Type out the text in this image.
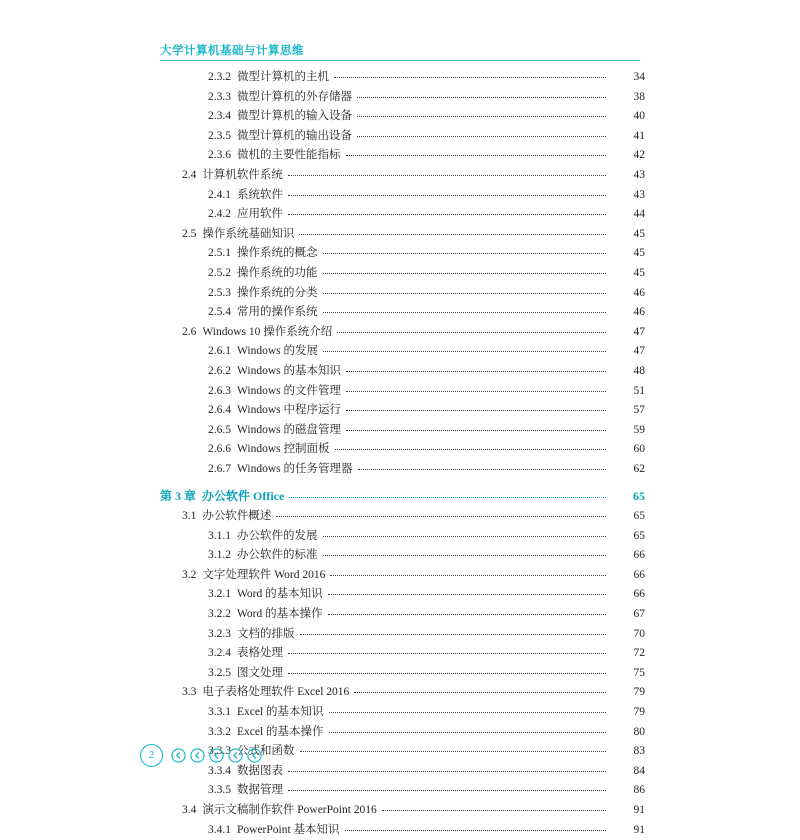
大学计算机基础与计算思维
2.3.2 微型计算机的主机	34
2.3.3 微型计算机的外存储器	38
2.3.4 微型计算机的输入设备	40
2.3.5 微型计算机的输出设备	41
2.3.6 微机的主要性能指标	42
2.4 计算机软件系统	43
2.4.1 系统软件	43
2.4.2 应用软件	44
2.5 操作系统基础知识	45
2.5.1 操作系统的概念	45
2.5.2 操作系统的功能	45
2.5.3 操作系统的分类	46
2.5.4 常用的操作系统	46
2.6 Windows 10 操作系统介绍	47
2.6.1 Windows 的发展	47
2.6.2 Windows 的基本知识	48
2.6.3 Windows 的文件管理	51
2.6.4 Windows 中程序运行	57
2.6.5 Windows 的磁盘管理	59
2.6.6 Windows 控制面板	60
2.6.7 Windows 的任务管理器	62
第 3 章 办公软件 Office	65
3.1 办公软件概述	65
3.1.1 办公软件的发展	65
3.1.2 办公软件的标准	66
3.2 文字处理软件 Word 2016	66
3.2.1 Word 的基本知识	66
3.2.2 Word 的基本操作	67
3.2.3 文档的排版	70
3.2.4 表格处理	72
3.2.5 图文处理	75
3.3 电子表格处理软件 Excel 2016	79
3.3.1 Excel 的基本知识	79
3.3.2 Excel 的基本操作	80
3.3.3 公式和函数	83
3.3.4 数据图表	84
3.3.5 数据管理	86
3.4 演示文稿制作软件 PowerPoint 2016	91
3.4.1 PowerPoint 基本知识	91
2
